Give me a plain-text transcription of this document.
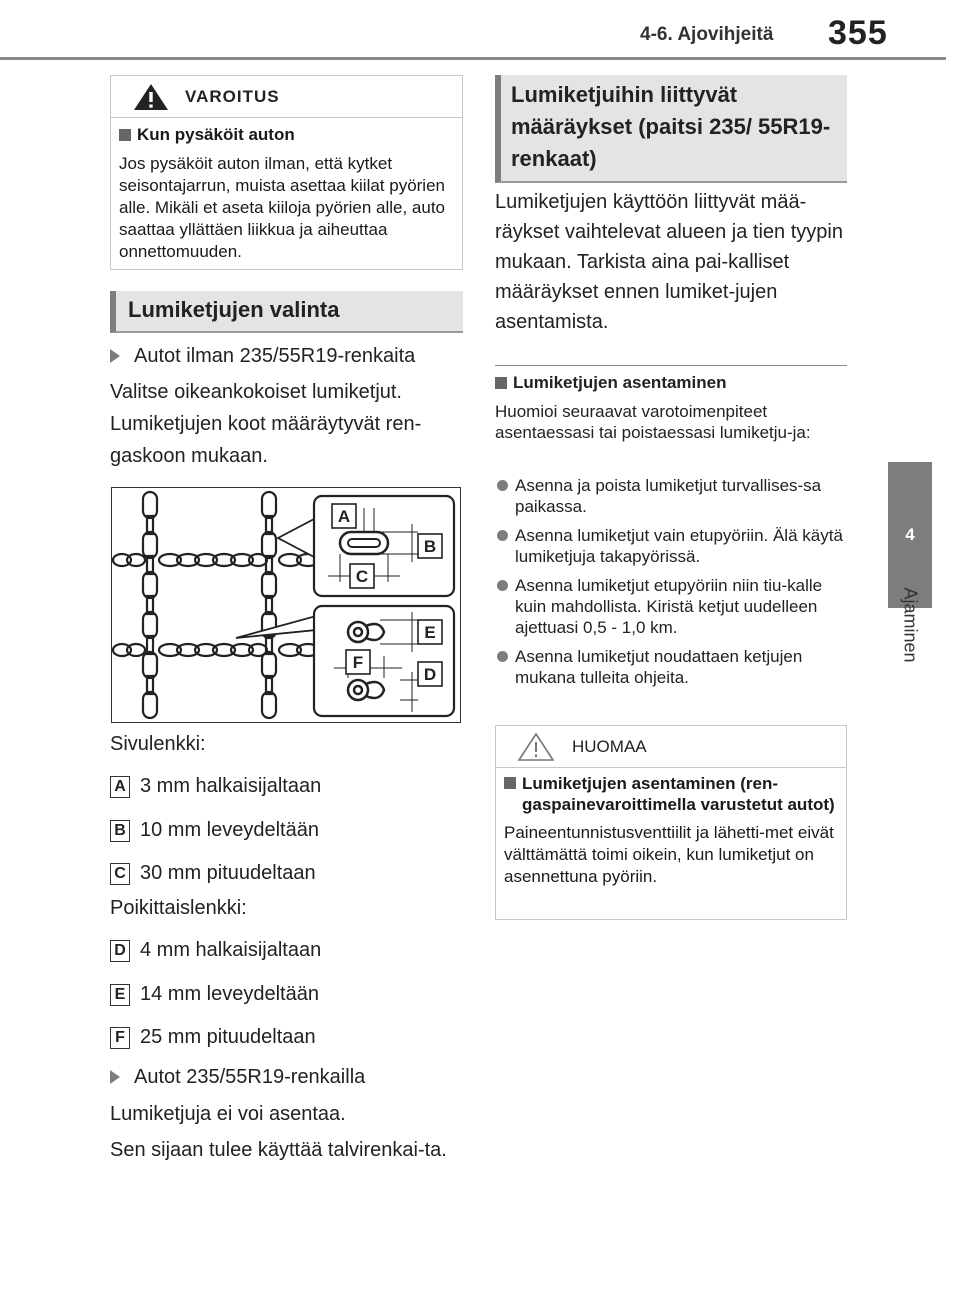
4-6. Ajovihjeitä 355
4
Ajaminen
VAROITUS
Kun pysäköit auton
Jos pysäköit auton ilman, että kytket seisontajarrun, muista asettaa kiilat pyörien alle. Mikäli et aseta kiiloja pyörien alle, auto saattaa yllättäen liikkua ja aiheuttaa onnettomuuden.
Lumiketjujen valinta
Autot ilman 235/55R19-renkaita
Valitse oikeankokoiset lumiketjut. Lumiketjujen koot määräytyvät ren-gaskoon mukaan.
A
B
C
E
F
D
Sivulenkki:
A 3 mm halkaisijaltaan
B 10 mm leveydeltään
C 30 mm pituudeltaan
Poikittaislenkki:
D 4 mm halkaisijaltaan
E 14 mm leveydeltään
F 25 mm pituudeltaan
Autot 235/55R19-renkailla
Lumiketjuja ei voi asentaa.
Sen sijaan tulee käyttää talvirenkai-ta.
Lumiketjuihin liittyvät määräykset (paitsi 235/ 55R19-renkaat)
Lumiketjujen käyttöön liittyvät mää-räykset vaihtelevat alueen ja tien tyypin mukaan. Tarkista aina pai-kalliset määräykset ennen lumiket-jujen asentamista.
Lumiketjujen asentaminen
Huomioi seuraavat varotoimenpiteet asentaessasi tai poistaessasi lumiketju-ja:
Asenna ja poista lumiketjut turvallises-sa paikassa.
Asenna lumiketjut vain etupyöriin. Älä käytä lumiketjuja takapyörissä.
Asenna lumiketjut etupyöriin niin tiu-kalle kuin mahdollista. Kiristä ketjut uudelleen ajettuasi 0,5 - 1,0 km.
Asenna lumiketjut noudattaen ketjujen mukana tulleita ohjeita.
HUOMAA
Lumiketjujen asentaminen (ren-gaspainevaroittimella varustetut autot)
Paineentunnistusventtiilit ja lähetti-met eivät välttämättä toimi oikein, kun lumiketjut on asennettuna pyöriin.
